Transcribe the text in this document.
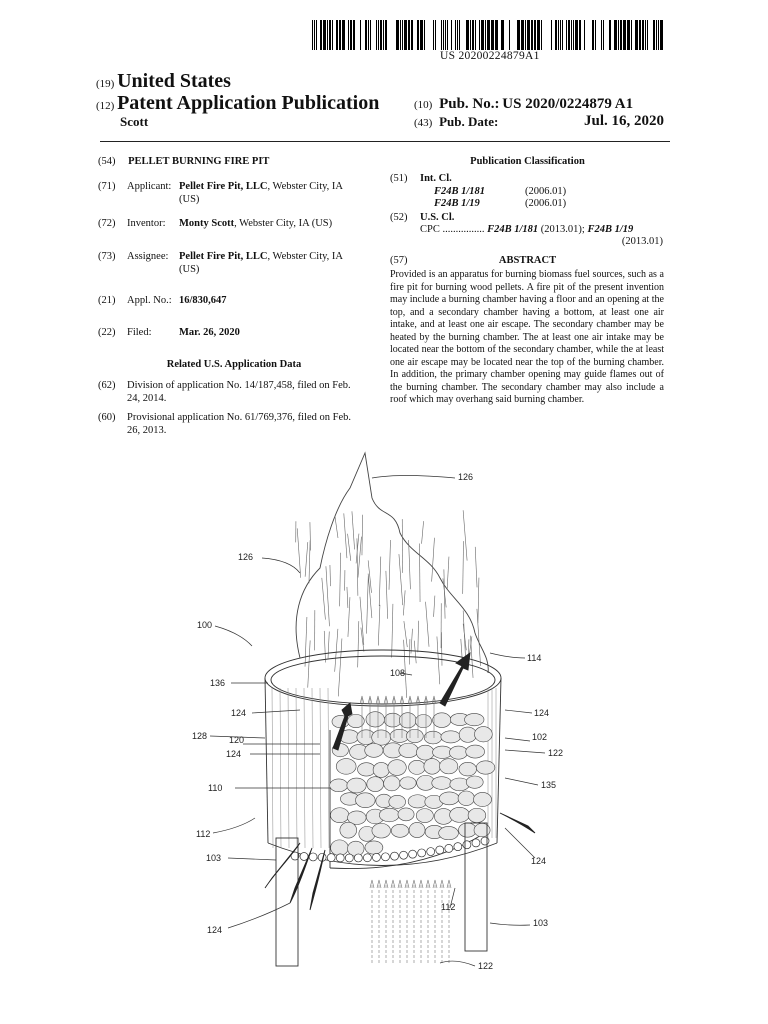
US 20200224879A1
(19) United States
(12) Patent Application Publication
Scott
(10) Pub. No.: US 2020/0224879 A1
(43) Pub. Date:	Jul. 16, 2020
(54) PELLET BURNING FIRE PIT
(71) Applicant: Pellet Fire Pit, LLC, Webster City, IA
(US)
(72) Inventor: Monty Scott, Webster City, IA (US)
(73) Assignee: Pellet Fire Pit, LLC, Webster City, IA
(US)
(21) Appl. No.: 16/830,647
(22) Filed:	Mar. 26, 2020
Related U.S. Application Data
(62) Division of application No. 14/187,458, filed on Feb.
24, 2014.
(60) Provisional application No. 61/769,376, filed on Feb.
26, 2013.
Publication Classification
(51) Int. Cl.
F24B 1/181	(2006.01)
F24B 1/19	(2006.01)
(52) U.S. Cl.
CPC ................ F24B 1/181 (2013.01); F24B 1/19
(2013.01)
(57)	ABSTRACT
Provided is an apparatus for burning biomass fuel sources, such as a fire pit for burning wood pellets. A fire pit of the present invention may include a burning chamber having a floor and an opening at the top, and a secondary chamber having a bottom, at least one air intake, and at least one air escape. The secondary chamber may be heated by the burning chamber. The at least one air intake may be located near the bottom of the secondary chamber, while the at least one air escape may be located near the top of the burning chamber. In addition, the primary chamber opening may guide flames out of the burning chamber. The secondary chamber may also include a roof which may overhang said burning chamber.
126
126
100
114
136
108
124	124
128 120
124
102
122
110	135
112
103	124
112
124
103
122
